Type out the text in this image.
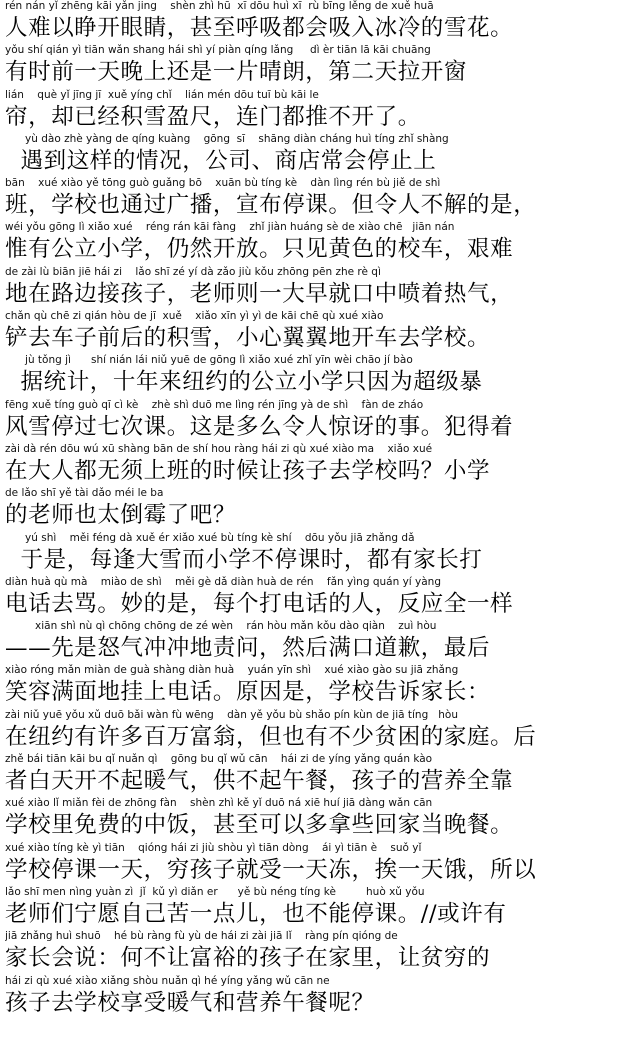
rén nán yǐ zhēng kāi yǎn jing    shèn zhì hū  xī dōu huì xī  rù bīng lěng de xuě huā
人难以睁开眼睛，甚至呼吸都会吸入冰冷的雪花。
yǒu shí qián yì tiān wǎn shang hái shì yí piàn qíng lǎng     dì èr tiān lā kāi chuāng
有时前一天晚上还是一片晴朗，第二天拉开窗
lián    què yǐ jīng jī  xuě yíng chǐ    lián mén dōu tuī bù kāi le
帘，却已经积雪盈尺，连门都推不开了。
yù dào zhè yàng de qíng kuàng    gōng  sī    shāng diàn cháng huì tíng zhǐ shàng
遇到这样的情况，公司、商店常会停止上
bān    xué xiào yě tōng guò guǎng bō    xuān bù tíng kè    dàn lìng rén bù jiě de shì
班，学校也通过广播，宣布停课。但令人不解的是，
wéi yǒu gōng lì xiǎo xué    réng rán kāi fàng    zhǐ jiàn huáng sè de xiào chē   jiān nán
惟有公立小学，仍然开放。只见黄色的校车，艰难
de zài lù biān jiē hái zi    lǎo shī zé yí dà zǎo jiù kǒu zhōng pēn zhe rè qì
地在路边接孩子，老师则一大早就口中喷着热气，
chǎn qù chē zi qián hòu de jī  xuě    xiǎo xīn yì yì de kāi chē qù xué xiào
铲去车子前后的积雪，小心翼翼地开车去学校。
jù tǒng jì      shí nián lái niǔ yuē de gōng lì xiǎo xué zhǐ yīn wèi chāo jí bào
据统计，十年来纽约的公立小学只因为超级暴
fēng xuě tíng guò qī cì kè    zhè shì duō me lìng rén jīng yà de shì    fàn de zháo
风雪停过七次课。这是多么令人惊讶的事。犯得着
zài dà rén dōu wú xū shàng bān de shí hou ràng hái zi qù xué xiào ma    xiǎo xué
在大人都无须上班的时候让孩子去学校吗？小学
de lǎo shī yě tài dǎo méi le ba
的老师也太倒霉了吧？
yú shì    měi féng dà xuě ér xiǎo xué bù tíng kè shí    dōu yǒu jiā zhǎng dǎ
于是，每逢大雪而小学不停课时，都有家长打
diàn huà qù mà    miào de shì    měi gè dǎ diàn huà de rén    fǎn yìng quán yí yàng
电话去骂。妙的是，每个打电话的人，反应全一样
xiān shì nù qì chōng chōng de zé wèn    rán hòu mǎn kǒu dào qiàn    zuì hòu
——先是怒气冲冲地责问，然后满口道歉，最后
xiào róng mǎn miàn de guà shàng diàn huà    yuán yīn shì    xué xiào gào su jiā zhǎng
笑容满面地挂上电话。原因是，学校告诉家长：
zài niǔ yuē yǒu xǔ duō bǎi wàn fù wēng    dàn yě yǒu bù shǎo pín kùn de jiā tíng   hòu
在纽约有许多百万富翁，但也有不少贫困的家庭。后
zhě bái tiān kāi bu qǐ nuǎn qì    gōng bu qǐ wǔ cān    hái zi de yíng yǎng quán kào
者白天开不起暖气，供不起午餐，孩子的营养全靠
xué xiào lǐ miǎn fèi de zhōng fàn    shèn zhì kě yǐ duō ná xiē huí jiā dàng wǎn cān
学校里免费的中饭，甚至可以多拿些回家当晚餐。
xué xiào tíng kè yì tiān    qióng hái zi jiù shòu yì tiān dòng    ái yì tiān è    suǒ yǐ
学校停课一天，穷孩子就受一天冻，挨一天饿，所以
lǎo shī men nìng yuàn zì  jǐ  kǔ yì diǎn er      yě bù néng tíng kè         huò xǔ yǒu
老师们宁愿自己苦一点儿，也不能停课。//或许有
jiā zhǎng huì shuō    hé bù ràng fù yù de hái zi zài jiā lǐ    ràng pín qióng de
家长会说：何不让富裕的孩子在家里，让贫穷的
hái zi qù xué xiào xiǎng shòu nuǎn qì hé yíng yǎng wǔ cān ne
孩子去学校享受暖气和营养午餐呢？
